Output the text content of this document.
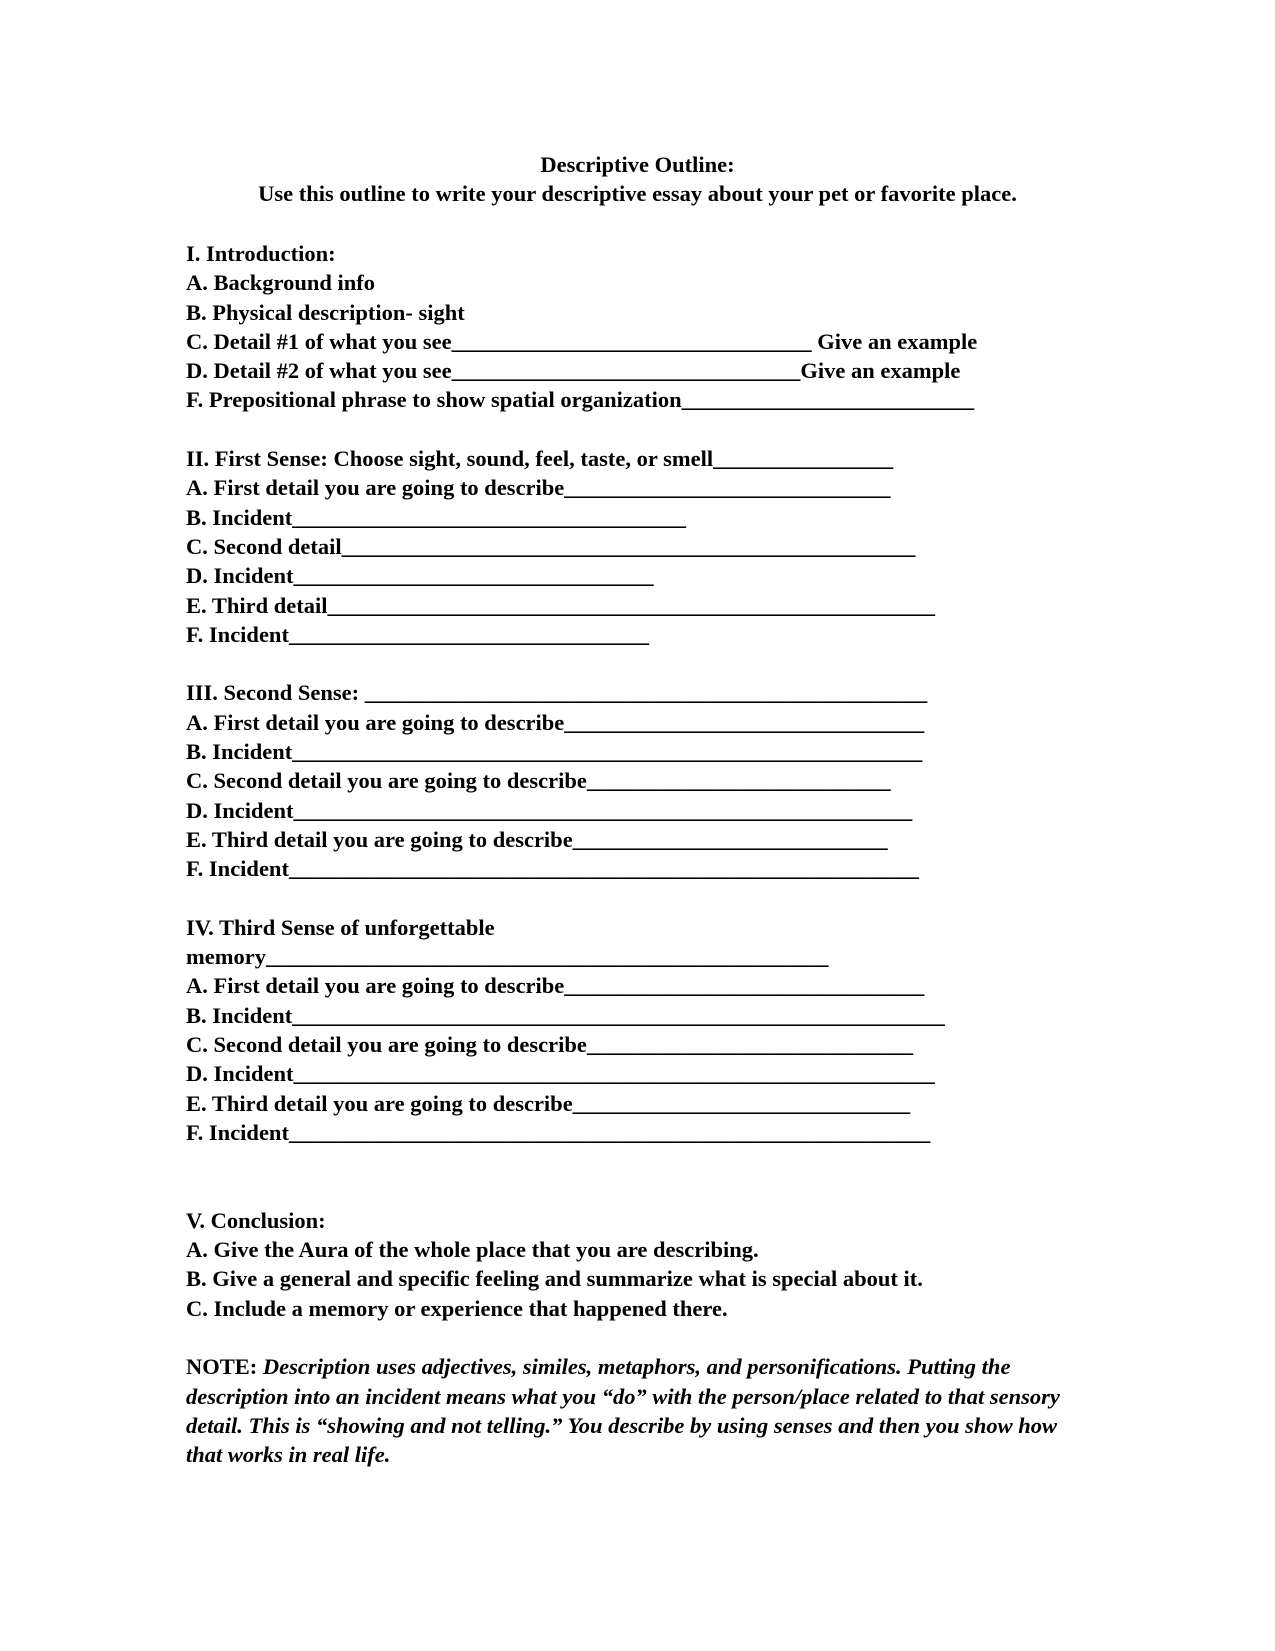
Descriptive Outline:
Use this outline to write your descriptive essay about your pet or favorite place.
I. Introduction:
A. Background info
B. Physical description- sight
C. Detail #1 of what you see________________________________ Give an example
D. Detail #2 of what you see_______________________________Give an example
F. Prepositional phrase to show spatial organization__________________________
II. First Sense: Choose sight, sound, feel, taste, or smell________________
A. First detail you are going to describe_____________________________
B. Incident___________________________________
C. Second detail___________________________________________________
D. Incident________________________________
E. Third detail______________________________________________________
F. Incident________________________________
III. Second Sense: __________________________________________________
A. First detail you are going to describe________________________________
B. Incident________________________________________________________
C. Second detail you are going to describe___________________________
D. Incident_______________________________________________________
E. Third detail you are going to describe____________________________
F. Incident________________________________________________________
IV. Third Sense of unforgettable
memory__________________________________________________
A. First detail you are going to describe________________________________
B. Incident__________________________________________________________
C. Second detail you are going to describe_____________________________
D. Incident_________________________________________________________
E. Third detail you are going to describe______________________________
F. Incident_________________________________________________________
V. Conclusion:
A. Give the Aura of the whole place that you are describing.
B. Give a general and specific feeling and summarize what is special about it.
C. Include a memory or experience that happened there.
NOTE: Description uses adjectives, similes, metaphors, and personifications. Putting the description into an incident means what you “do” with the person/place related to that sensory detail. This is “showing and not telling.” You describe by using senses and then you show how that works in real life.
